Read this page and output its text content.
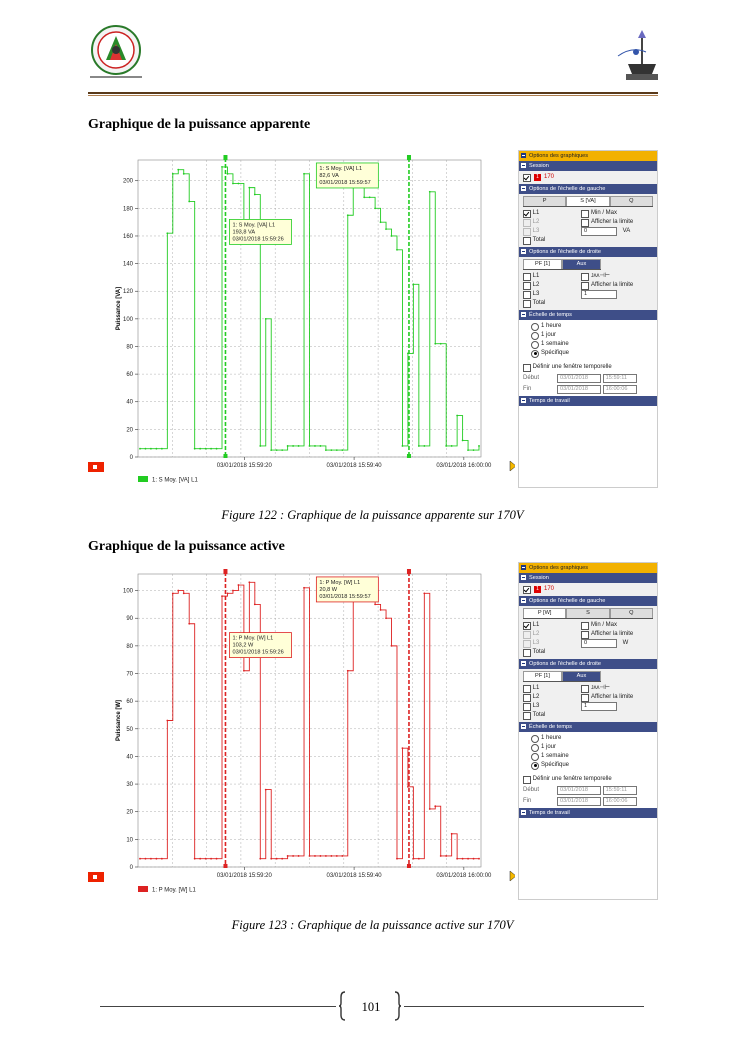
Graphique de la puissance apparente
0
20
40
60
80
100
120
140
160
180
200
Puissance [VA]
03/01/2018 15:59:20	03/01/2018 15:59:40	03/01/2018 16:00:00
1: S Moy. [VA] L1
193,8 VA
03/01/2018 15:59:26
1: S Moy. [VA] L1
82,6 VA
03/01/2018 15:59:57
1: S Moy. [VA] L1
Options des graphiques
Session
1 170
Options de l'échelle de gauche
P	S [VA]	Q

L1	Min / Max

L2	Afficher la limite

L3	0
	VA

Total
Options de l'échelle de droite
PF [1]	Aux

L1	ᴊᴧᴧ⊣⊢

L2	Afficher la limite

L3	1

Total
Échelle de temps
1 heure
1 jour
1 semaine
Spécifique

Définir une fenêtre temporelle
Début	03/01/2018
	15:59:11
Fin	03/01/2018
	16:00:06
Temps de travail
Figure 122 : Graphique de la puissance apparente sur 170V
Graphique de la puissance active
0
10
20
30
40
50
60
70
80
90
100
Puissance [W]
03/01/2018 15:59:20	03/01/2018 15:59:40	03/01/2018 16:00:00
1: P Moy. [W] L1
103,2 W
03/01/2018 15:59:26
1: P Moy. [W] L1
20,8 W
03/01/2018 15:59:57
1: P Moy. [W] L1
Options des graphiques
Session
1 170
Options de l'échelle de gauche
P [W]	S	Q

L1	Min / Max

L2	Afficher la limite

L3	0
	W

Total
Options de l'échelle de droite
PF [1]	Aux

L1	ᴊᴧᴧ⊣⊢

L2	Afficher la limite

L3	1

Total
Échelle de temps
1 heure
1 jour
1 semaine
Spécifique

Définir une fenêtre temporelle
Début	03/01/2018
	15:59:11
Fin	03/01/2018
	16:00:06
Temps de travail
Figure 123 : Graphique de la puissance active sur 170V
101
